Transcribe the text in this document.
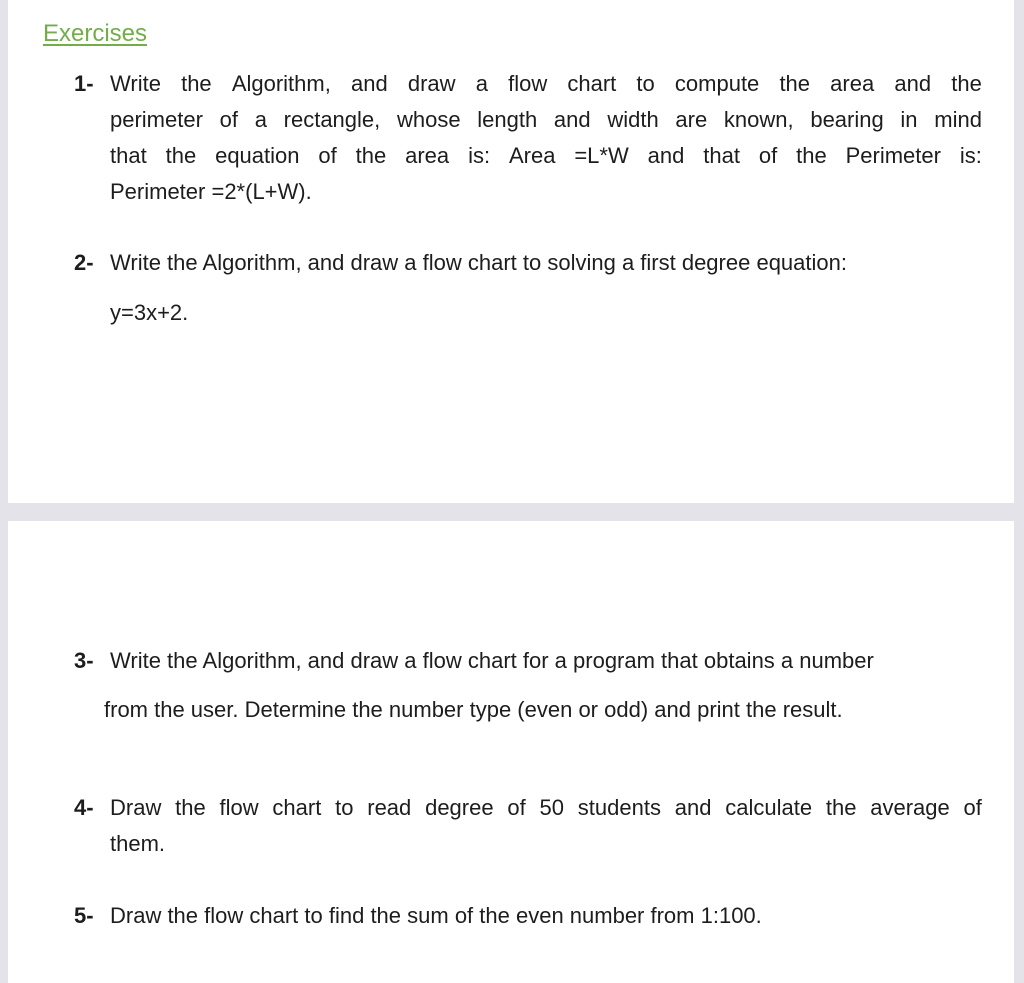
Exercises
1- Write the Algorithm, and draw a flow chart to compute the area and the
perimeter of a rectangle, whose length and width are known, bearing in mind
that the equation of the area is: Area =L*W and that of the Perimeter is:
Perimeter =2*(L+W).
2- Write the Algorithm, and draw a flow chart to solving a first degree equation:
y=3x+2.
3- Write the Algorithm, and draw a flow chart for a program that obtains a number
from the user. Determine the number type (even or odd) and print the result.
4- Draw the flow chart to read degree of 50 students and calculate the average of
them.
5- Draw the flow chart to find the sum of the even number from 1:100.
